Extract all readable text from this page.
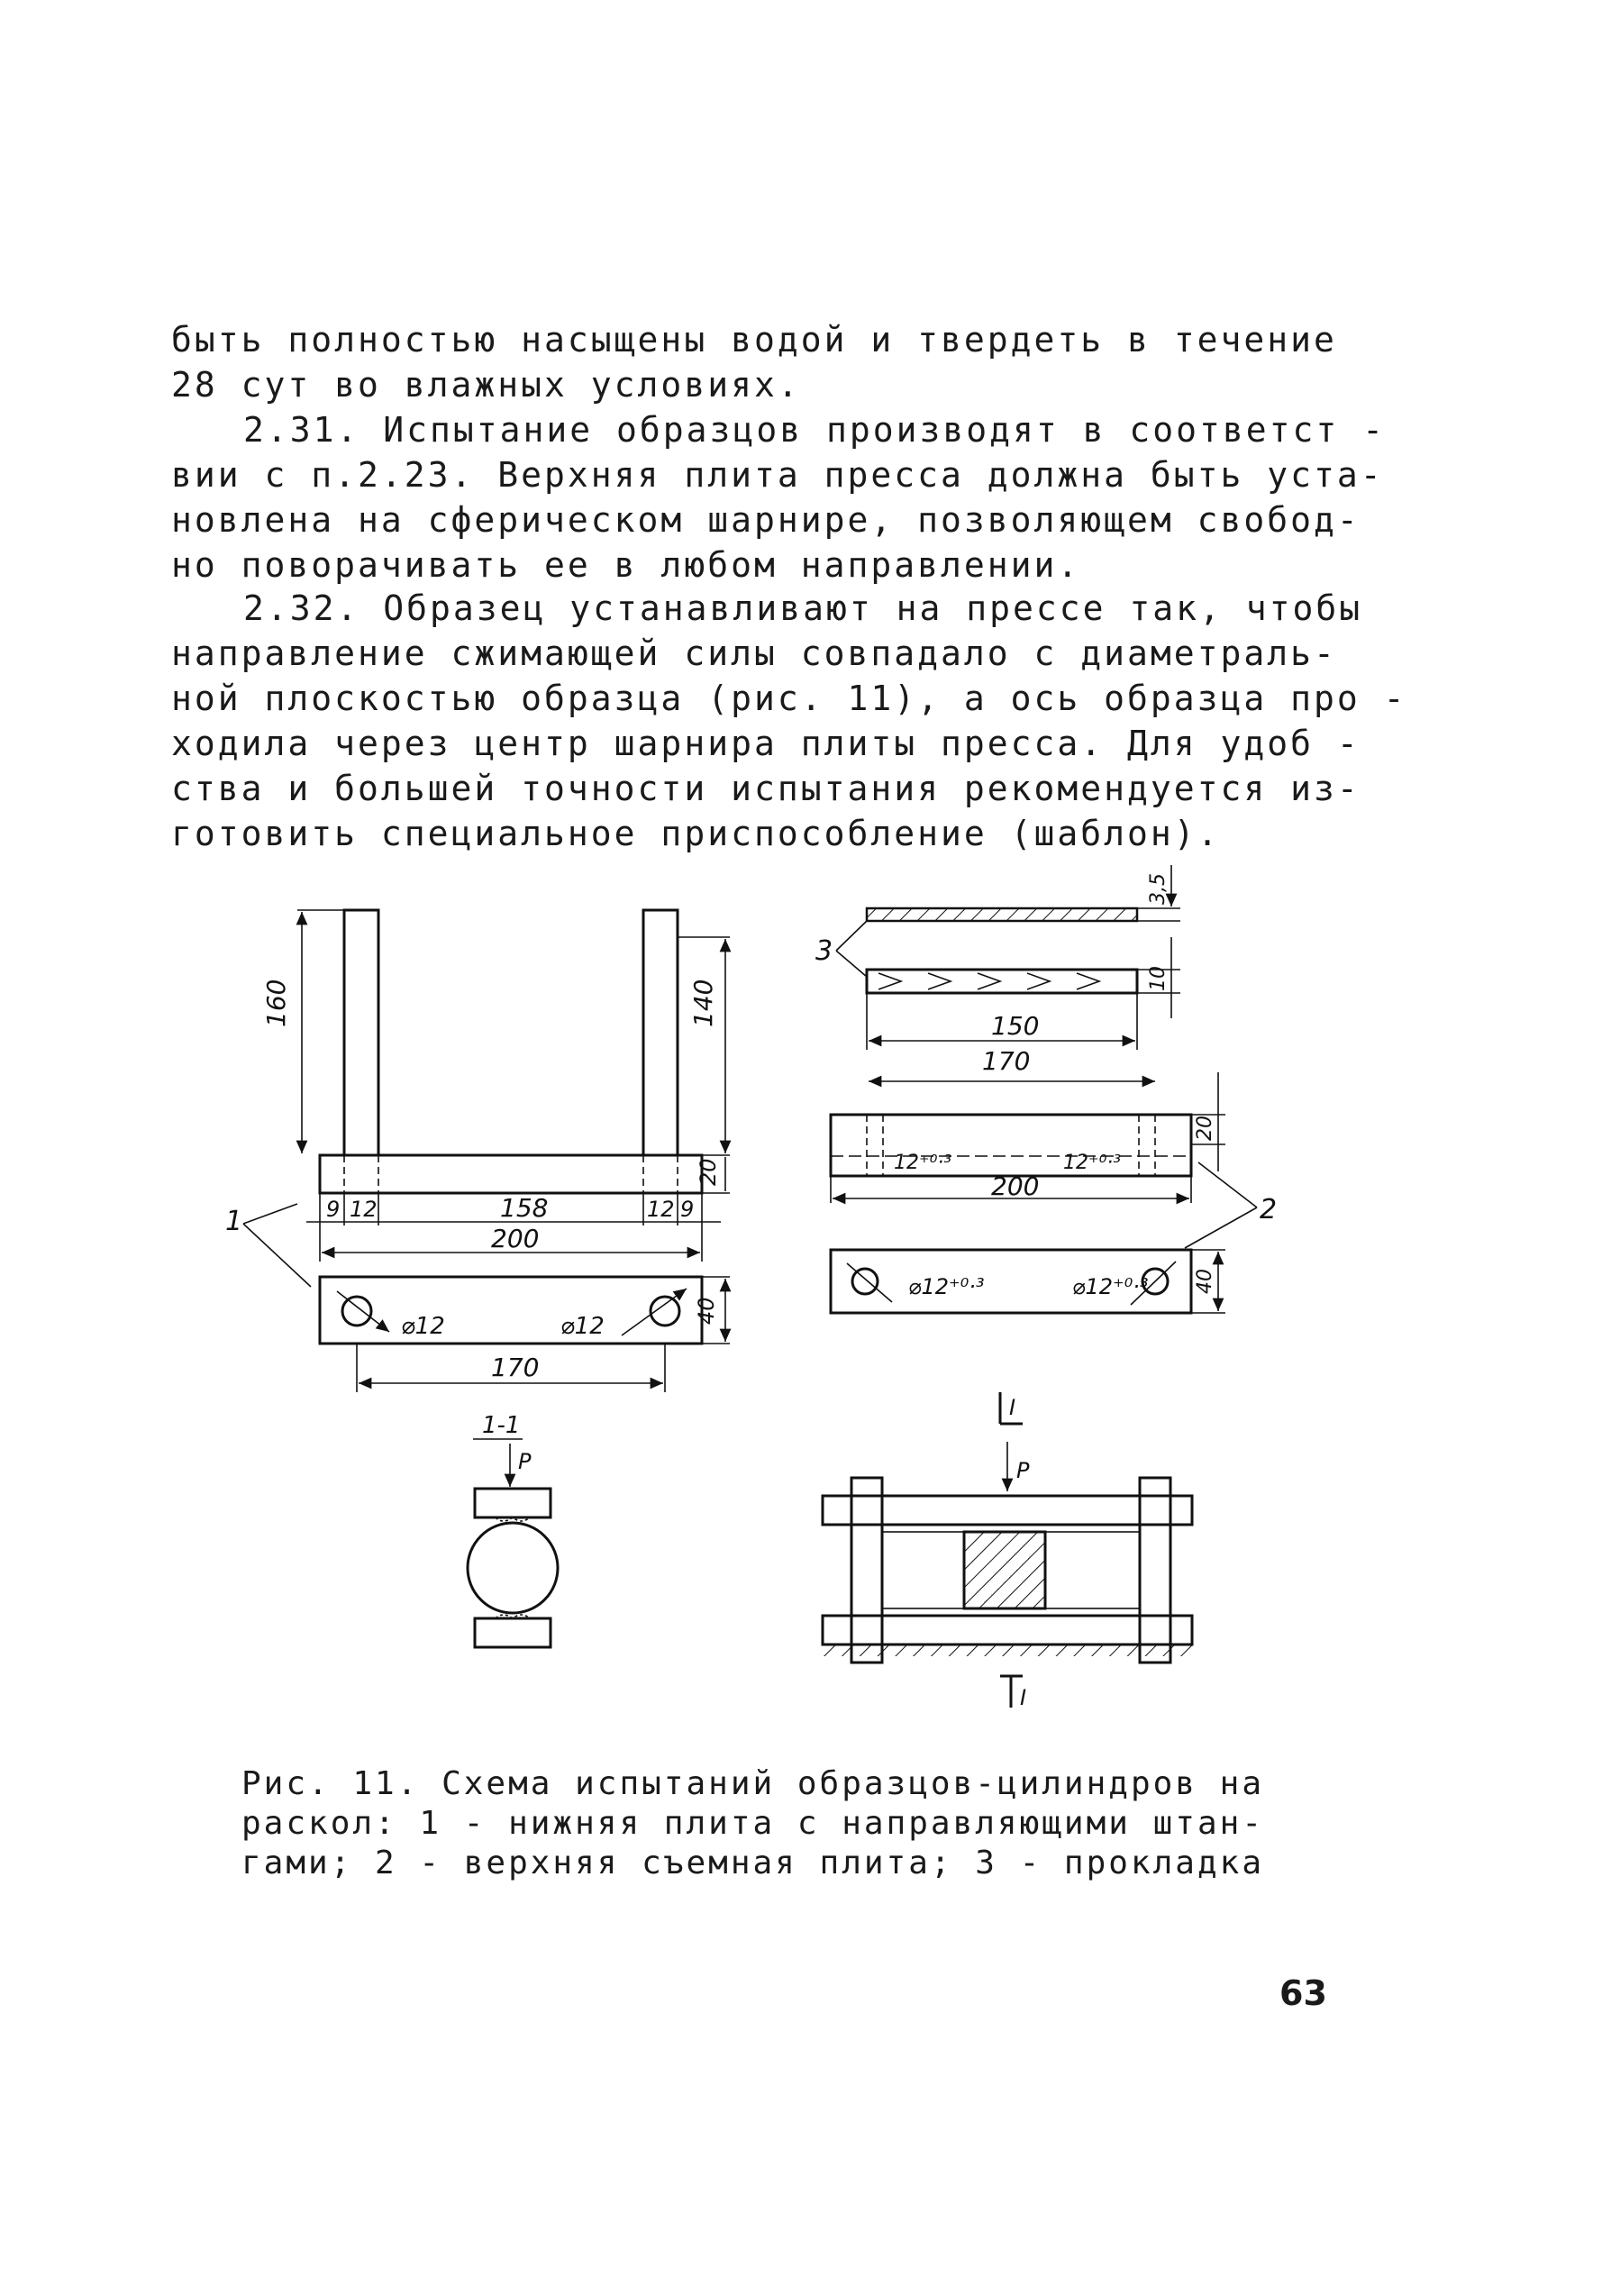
быть полностью насыщены водой и твердеть в течение
28 сут во влажных условиях.
2.31. Испытание образцов производят в соответст -
вии с п.2.23. Верхняя плита пресса должна быть уста-
новлена на сферическом шарнире, позволяющем свобод-
но поворачивать ее в любом направлении.
2.32. Образец устанавливают на прессе так, чтобы
направление сжимающей силы совпадало с диаметраль-
ной плоскостью образца (рис. 11), а ось образца про -
ходила через центр шарнира плиты пресса. Для удоб -
ства и большей точности испытания рекомендуется из-
готовить специальное приспособление (шаблон).
160	140
20
9 12	158	12 9
200
⌀12	⌀12
40
170
1
1-1
P
3,5
10
150
3
170
20
12⁺⁰·³	12⁺⁰·³
200
2
⌀12⁺⁰·³	⌀12⁺⁰·³ 40
I
P
I
Рис. 11. Схема испытаний образцов-цилиндров на
раскол: 1 - нижняя плита с направляющими штан-
гами; 2 - верхняя съемная плита; 3 - прокладка
63
